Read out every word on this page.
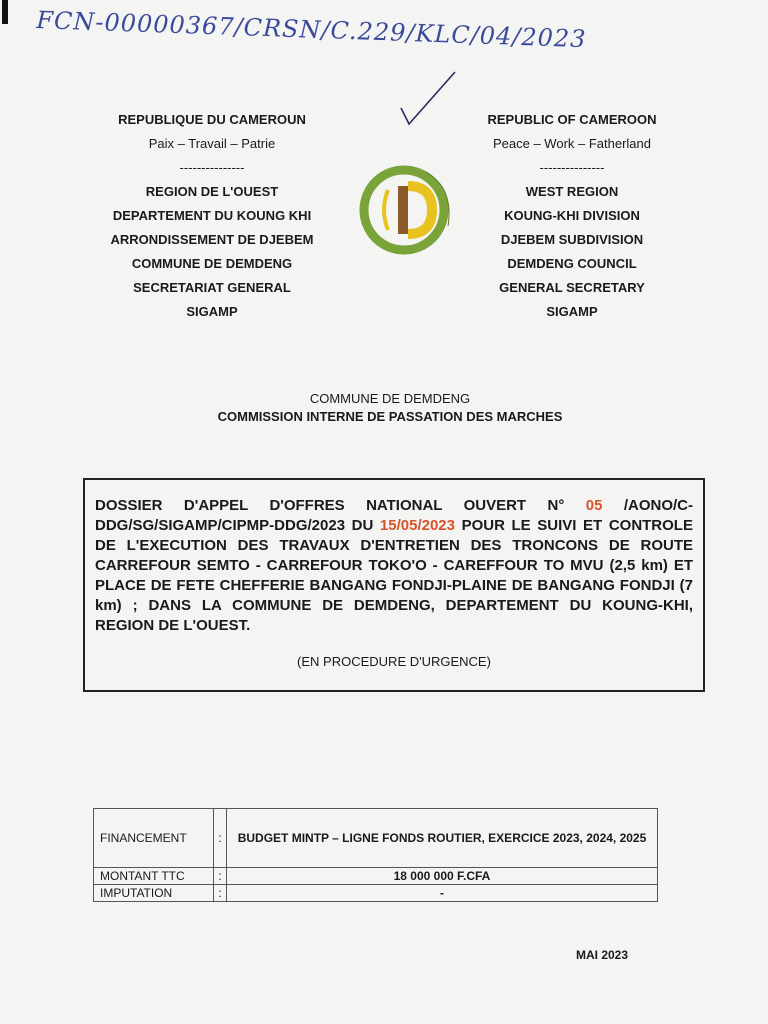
FCN-00000367/CRSN/C.229/KLC/04/2023
REPUBLIQUE DU CAMEROUN
Paix – Travail – Patrie
---------------
REGION DE L'OUEST
DEPARTEMENT DU KOUNG KHI
ARRONDISSEMENT DE DJEBEM
COMMUNE DE DEMDENG
SECRETARIAT GENERAL
SIGAMP
REPUBLIC OF CAMEROON
Peace – Work – Fatherland
---------------
WEST REGION
KOUNG-KHI DIVISION
DJEBEM SUBDIVISION
DEMDENG COUNCIL
GENERAL SECRETARY
SIGAMP
COMMUNE DE DEMDENG
COMMISSION INTERNE DE PASSATION DES MARCHES

DOSSIER D'APPEL D'OFFRES NATIONAL OUVERT N° 05 /AONO/C-DDG/SG/SIGAMP/CIPMP-DDG/2023 DU 15/05/2023 POUR LE SUIVI ET CONTROLE DE L'EXECUTION DES TRAVAUX D'ENTRETIEN DES TRONCONS DE ROUTE CARREFOUR SEMTO - CARREFOUR TOKO'O - CAREFFOUR TO MVU (2,5 km) ET PLACE DE FETE CHEFFERIE BANGANG FONDJI-PLAINE DE BANGANG FONDJI (7 km) ; DANS LA COMMUNE DE DEMDENG, DEPARTEMENT DU KOUNG-KHI, REGION DE L'OUEST.

(EN PROCEDURE D'URGENCE)
FINANCEMENT	:	BUDGET MINTP – LIGNE FONDS ROUTIER, EXERCICE 2023, 2024, 2025
MONTANT TTC	:	18 000 000 F.CFA
IMPUTATION	:	-
MAI 2023
